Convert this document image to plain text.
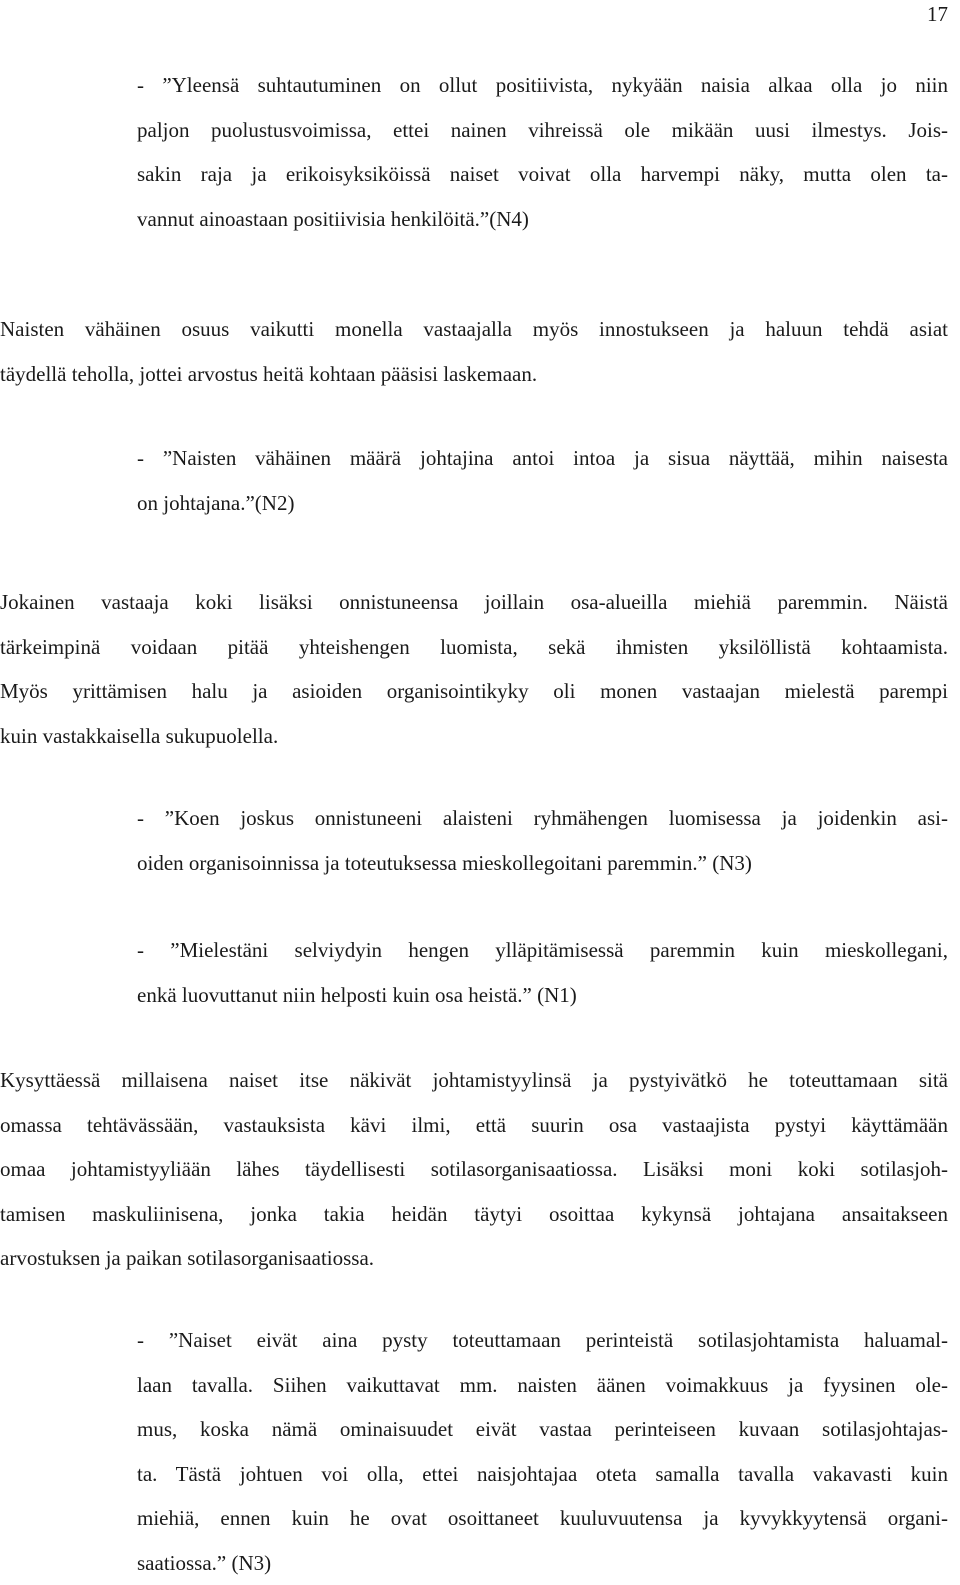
17
- ”Yleensä suhtautuminen on ollut positiivista, nykyään naisia alkaa olla jo niin
paljon puolustusvoimissa, ettei nainen vihreissä ole mikään uusi ilmestys. Jois-
sakin raja ja erikoisyksiköissä naiset voivat olla harvempi näky, mutta olen ta-
vannut ainoastaan positiivisia henkilöitä.”(N4)
Naisten vähäinen osuus vaikutti monella vastaajalla myös innostukseen ja haluun tehdä asiat
täydellä teholla, jottei arvostus heitä kohtaan pääsisi laskemaan.
- ”Naisten vähäinen määrä johtajina antoi intoa ja sisua näyttää, mihin naisesta
on johtajana.”(N2)
Jokainen vastaaja koki lisäksi onnistuneensa joillain osa-alueilla miehiä paremmin. Näistä
tärkeimpinä voidaan pitää yhteishengen luomista, sekä ihmisten yksilöllistä kohtaamista.
Myös yrittämisen halu ja asioiden organisointikyky oli monen vastaajan mielestä parempi
kuin vastakkaisella sukupuolella.
- ”Koen joskus onnistuneeni alaisteni ryhmähengen luomisessa ja joidenkin asi-
oiden organisoinnissa ja toteutuksessa mieskollegoitani paremmin.” (N3)
- ”Mielestäni selviydyin hengen ylläpitämisessä paremmin kuin mieskollegani,
enkä luovuttanut niin helposti kuin osa heistä.” (N1)
Kysyttäessä millaisena naiset itse näkivät johtamistyylinsä ja pystyivätkö he toteuttamaan sitä
omassa tehtävässään, vastauksista kävi ilmi, että suurin osa vastaajista pystyi käyttämään
omaa johtamistyyliään lähes täydellisesti sotilasorganisaatiossa. Lisäksi moni koki sotilasjoh-
tamisen maskuliinisena, jonka takia heidän täytyi osoittaa kykynsä johtajana ansaitakseen
arvostuksen ja paikan sotilasorganisaatiossa.
- ”Naiset eivät aina pysty toteuttamaan perinteistä sotilasjohtamista haluamal-
laan tavalla. Siihen vaikuttavat mm. naisten äänen voimakkuus ja fyysinen ole-
mus, koska nämä ominaisuudet eivät vastaa perinteiseen kuvaan sotilasjohtajas-
ta. Tästä johtuen voi olla, ettei naisjohtajaa oteta samalla tavalla vakavasti kuin
miehiä, ennen kuin he ovat osoittaneet kuuluvuutensa ja kyvykkyytensä organi-
saatiossa.” (N3)
